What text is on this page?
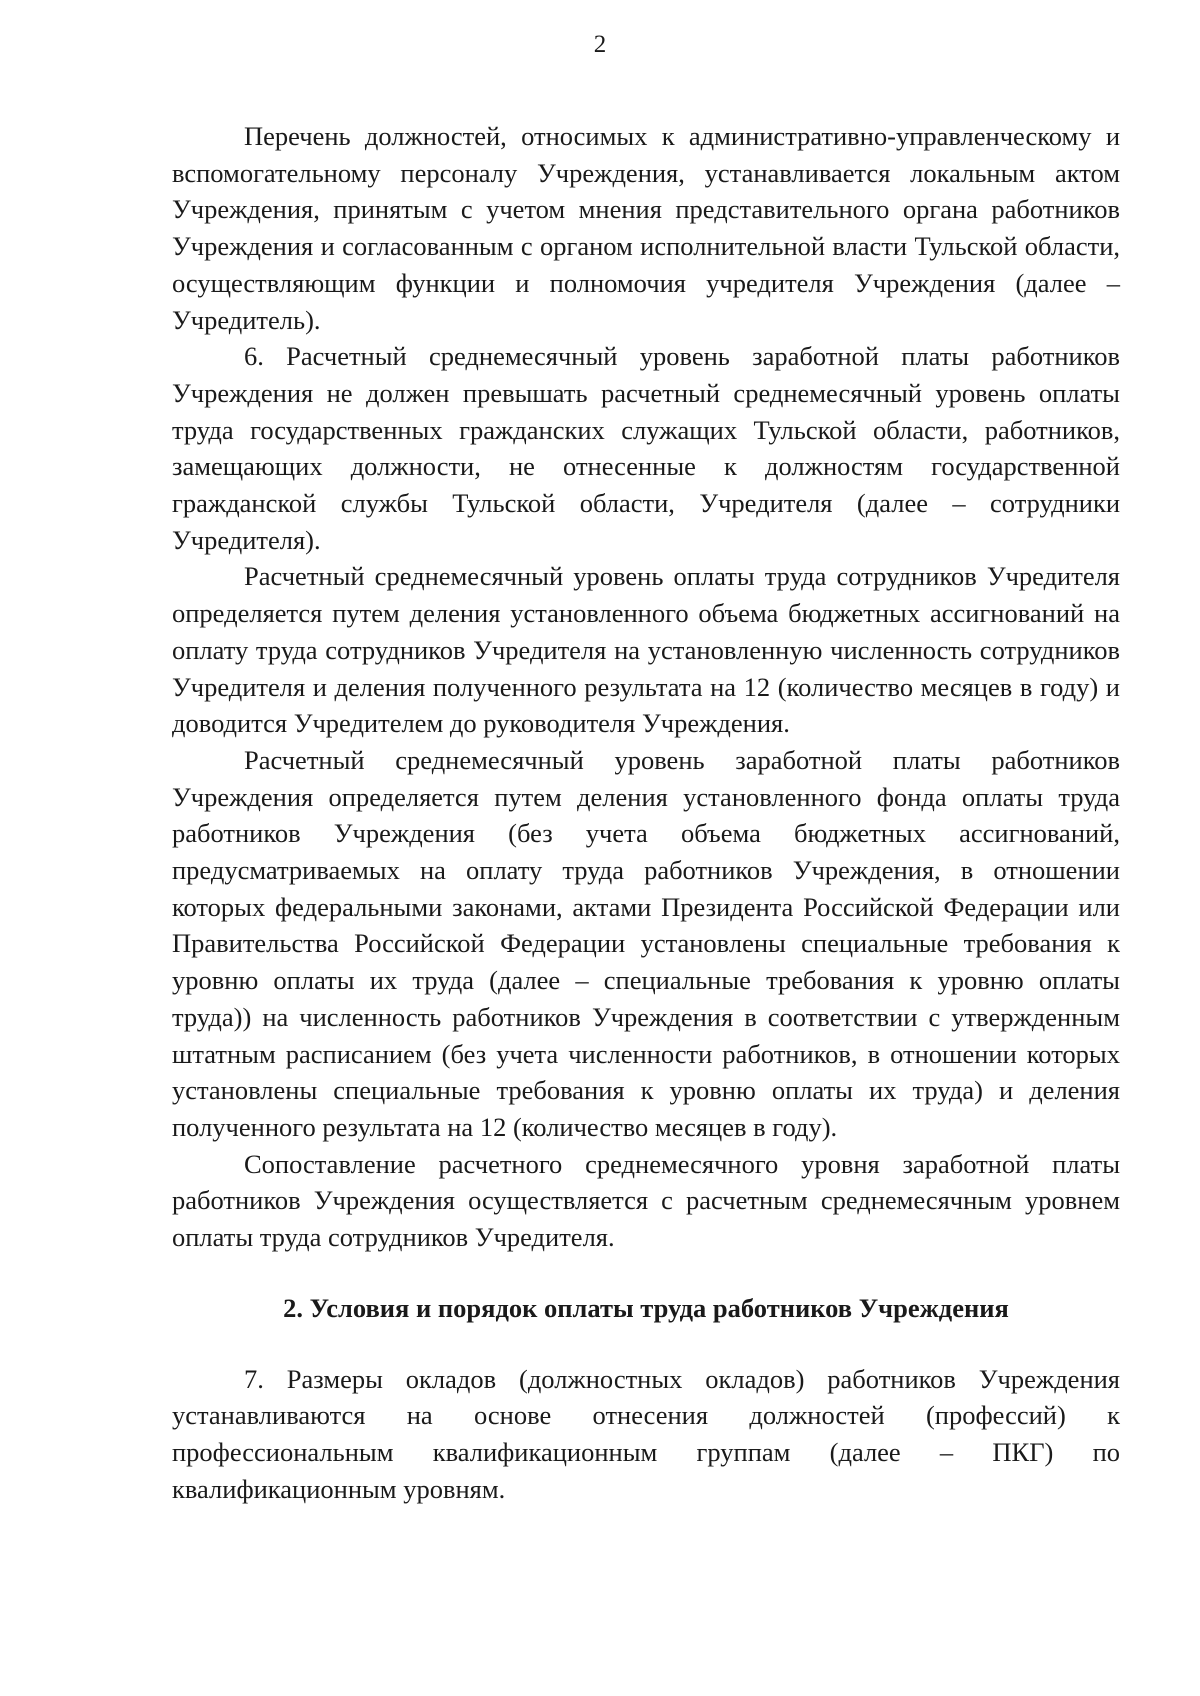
2

Перечень должностей, относимых к административно-управленческому и вспомогательному персоналу Учреждения, устанавливается локальным актом Учреждения, принятым с учетом мнения представительного органа работников Учреждения и согласованным с органом исполнительной власти Тульской области, осуществляющим функции и полномочия учредителя Учреждения (далее – Учредитель).

6. Расчетный среднемесячный уровень заработной платы работников Учреждения не должен превышать расчетный среднемесячный уровень оплаты труда государственных гражданских служащих Тульской области, работников, замещающих должности, не отнесенные к должностям государственной гражданской службы Тульской области, Учредителя (далее – сотрудники Учредителя).

Расчетный среднемесячный уровень оплаты труда сотрудников Учредителя определяется путем деления установленного объема бюджетных ассигнований на оплату труда сотрудников Учредителя на установленную численность сотрудников Учредителя и деления полученного результата на 12 (количество месяцев в году) и доводится Учредителем до руководителя Учреждения.

Расчетный среднемесячный уровень заработной платы работников Учреждения определяется путем деления установленного фонда оплаты труда работников Учреждения (без учета объема бюджетных ассигнований, предусматриваемых на оплату труда работников Учреждения, в отношении которых федеральными законами, актами Президента Российской Федерации или Правительства Российской Федерации установлены специальные требования к уровню оплаты их труда (далее – специальные требования к уровню оплаты труда)) на численность работников Учреждения в соответствии с утвержденным штатным расписанием (без учета численности работников, в отношении которых установлены специальные требования к уровню оплаты их труда) и деления полученного результата на 12 (количество месяцев в году).

Сопоставление расчетного среднемесячного уровня заработной платы работников Учреждения осуществляется с расчетным среднемесячным уровнем оплаты труда сотрудников Учредителя.

2. Условия и порядок оплаты труда работников Учреждения

7. Размеры окладов (должностных окладов) работников Учреждения устанавливаются на основе отнесения должностей (профессий) к профессиональным квалификационным группам (далее – ПКГ) по квалификационным уровням.
